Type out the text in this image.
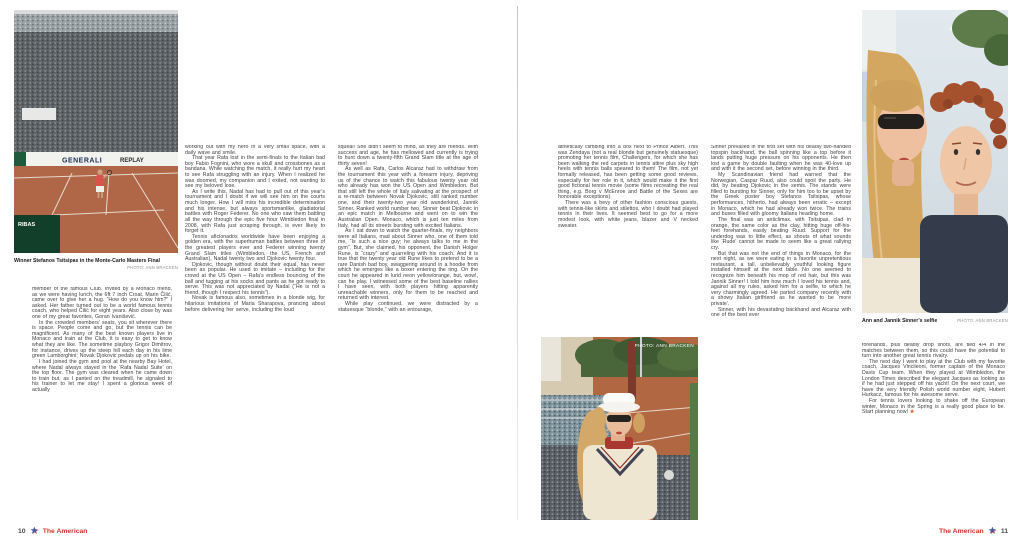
GENERALI	REPLAY
RIBAS
Winner Stefanos Tsitsipas in the Monte-Carlo Masters Final
PHOTO: ANN BRACKEN

member of the famous Club. Invited by a Monaco friend, as we were having lunch, the 6ft 7 inch Croat, Marin Čilić, came over to give her a hug. “How do you know him?” I asked. Her father turned out to be a world famous tennis coach, who helped Čilić for eight years. Also close by was one of my great favorites, Goran Ivanišević.

In the crowded members’ seats, you sit wherever there is space. People come and go, but the tennis can be magnificent. As many of the best known players live in Monaco and train at the Club, it is easy to get to know what they are like. The sometime playboy Grigor Dimitrov, for instance, drives up the steep hill each day in his lime green Lamborghini; Novak Djokovic pedals up on his bike.

I had joined the gym and pool at the nearby Bay Hotel, where Nadal always stayed in the ‘Rafa Nadal Suite’ on the top floor. The gym was cleared when he came down to train but, as I panted on the treadmill, he signaled to his trainer to let me stay! I spent a glorious week of actually

working out with my hero in a very small space, with a daily wave and smile.

That year Rafa lost in the semi-finals to the Italian bad boy Fabio Fognini, who wore a skull and crossbones as a bandana. While watching the match, it really hurt my heart to see Rafa struggling with an injury. When I realized he was doomed, my companion and I exited, not wanting to see my beloved lose.

As I write this, Nadal has had to pull out of this year’s tournament and I doubt if we will see him on the courts much longer. How I will miss his incredible determination and his intense, but always sportsmanlike, gladiatorial battles with Roger Federer. No one who saw them battling all the way through the epic five hour Wimbledon final in 2008, with Rafa just scraping through, is ever likely to forget it.

Tennis aficionados worldwide have been enjoying a golden era, with the superhuman battles between three of the greatest players ever and Federer winning twenty Grand Slam titles (Wimbledon, the US, French and Australian), Nadal twenty two and Djokovic twenty four.

Djokovic, though without doubt their equal, has never been as popular. He used to imitate – including for the crowd at the US Open – Rafa’s endless bouncing of the ball and tugging at his socks and pants as he got ready to serve. This was not appreciated by Nadal (“He is not a friend, though I respect his tennis”).

Novak is famous also, sometimes in a blonde wig, for hilarious imitations of Maria Sharapova, prancing about before delivering her serve, including the loud

squeal! She didn’t seem to mind, as they are friends. With success and age, he has mellowed and currently is trying to hunt down a twenty-fifth Grand Slam title at the age of thirty seven!

As well as Rafa, Carlos Alcaraz had to withdraw from the tournament this year with a forearm injury, depriving us of the chance to watch this fabulous twenty year old who already has won the US Open and Wimbledon. But that still left the whole of Italy salivating at the prospect of a re-match between Novak Djokovic, still ranked number one, and their twenty-two year old wunderkind, Jannik Sinner. Ranked world number two, Sinner beat Djokovic in an epic match in Melbourne and went on to win the Australian Open. Monaco, which is just ten miles from Italy, had all its streets bursting with excited Italians.

As I sat down to watch the quarter-finals, my neighbors were all Italians, mad about Sinner who, one of them told me, “Is such a nice guy; he always talks to me in the gym”. But, she claimed, his opponent, the Danish Holger Rune, is “crazy” and quarreling with his coach. And it is true that the twenty year old Rune likes to pretend to be a rare Danish bad boy, swaggering around in a hoodie from which he emerges like a boxer entering the ring. On the court he appeared in lurid neon yellow/orange, but, wow!, can he play. I witnessed some of the best baseline rallies I have seen, with both players hitting apparently unreachable winners, only for them to be reached and returned with interest.

While play continued, we were distracted by a statuesque “blonde,” with an entourage,

10 ★ The American

athletically climbing into a box next to Prince Albert. This was Zendaya (not a real blonde but genuinely statuesque) promoting her tennis film, Challengers, for which she has been walking the red carpets in tennis attire plus sky high heels with tennis balls speared to them! The film, not yet formally released, has been getting some good reviews, especially for her role in it, which would make it the first good fictional tennis movie (some films recreating the real thing, e.g. Borg v McEnroe and Battle of the Sexes are honorable exceptions).

There was a bevy of other fashion conscious guests, with tennis-like skirts and stilettos, who I doubt had played tennis in their lives. It seemed best to go for a more modest look, with white jeans, blazer and V necked sweater.

Sinner prevailed in the first set with his deadly two-handed topspin backhand, the ball spinning like a top before it lands putting huge pressure on his opponents. He then lost a game by double faulting when he was 40-love up and with it the second set, before winning in the third.

My Scandinavian friend had warned that the Norwegian, Caspar Ruud, also could spoil the party. He did, by beating Djokovic in the semis. The stands were filled to bursting for Sinner, only for him too to be upset by the Greek poster boy Stefanos Tsitsipas, whose performances, hitherto, had always been erratic – except in Monaco, which he had already won twice. The trains and buses filled with gloomy Italians heading home.

The final was an anticlimax, with Tsitsipas, clad in orange, the same color as the clay, hitting huge off-his-feet forehands, easily beating Ruud. Support for the underdog was to little effect, as shouts of what sounds like ‘Rude’ cannot be made to seem like a great rallying cry.

But that was not the end of things in Monaco, for the next night, as we were eating in a favorite unpretentious restaurant, a tall, unbelievably youthful looking figure installed himself at the next table. No one seemed to recognize him beneath his mop of red hair, but this was Jannik Sinner! I told him how much I loved his tennis and, against all my rules, asked him for a selfie, to which he very charmingly agreed. He parted company recently with a showy Italian girlfriend as he wanted to be ‘more private’.

Sinner, with his devastating backhand and Alcaraz with one of the best ever

PHOTO: ANN BRACKEN
Ann and Jannik Sinner’s selfie	PHOTO: ANN BRACKEN

forehands, plus deadly drop shots, are tied 4/4 in the matches between them, so this could have the potential to turn into another great tennis rivalry.

The next day I went to play at the Club with my favorite coach, Jacques Vincileoni, former captain of the Monaco Davis Cup team. When they played at Wimbledon, the London Times described the elegant Jacques as looking as if he had just stepped off his yacht! On the next court, we have the very friendly Polish world number eight, Hubert Hurkacz, famous for his awesome serve.

For tennis lovers looking to shake off the European winter, Monaco in the Spring is a really good place to be. Start planning now! ★

The American ★ 11
